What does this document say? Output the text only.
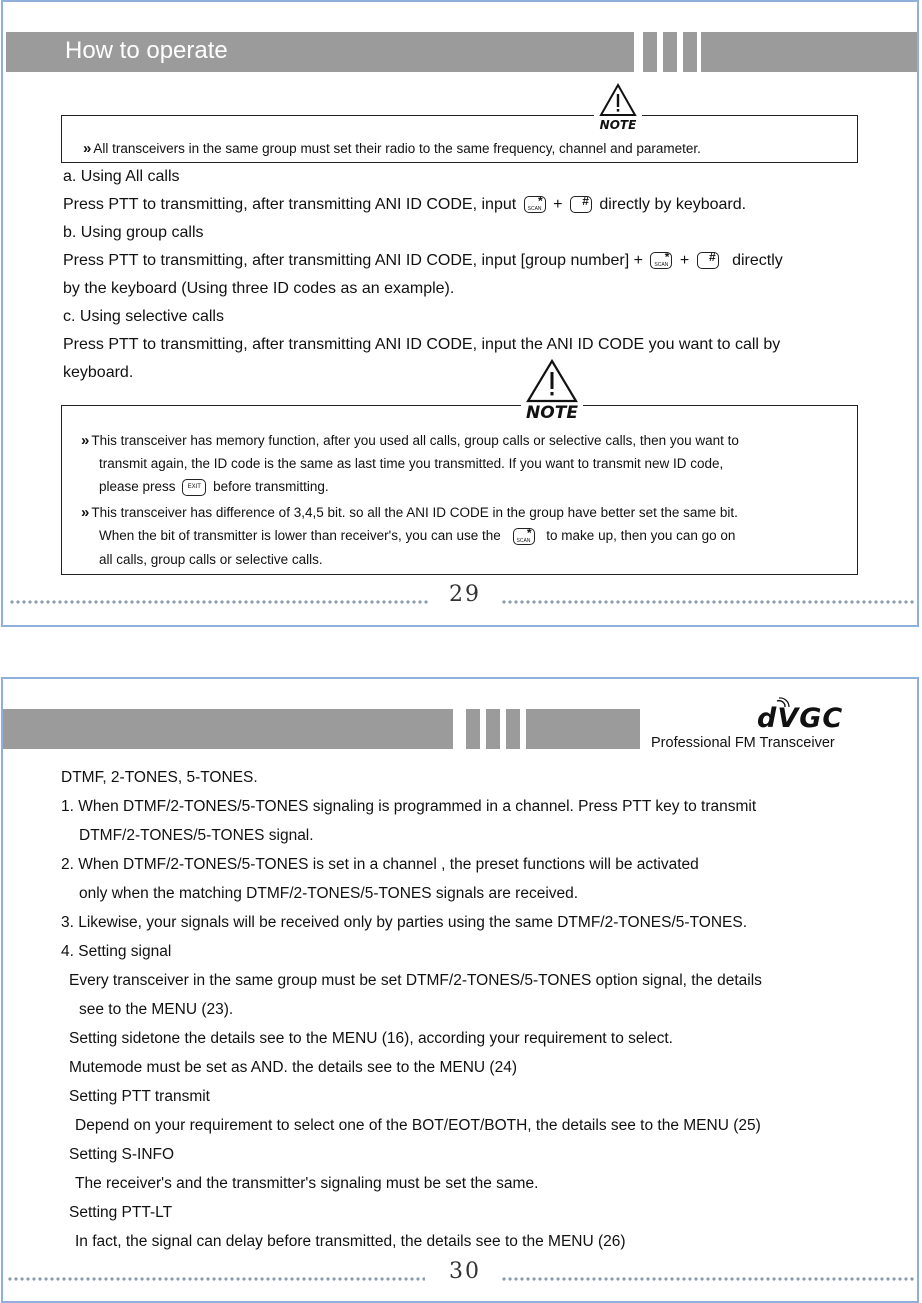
How to operate
NOTE
» All transceivers in the same group must set their radio to the same frequency, channel and parameter.
a. Using All calls
Press PTT to transmitting, after transmitting ANI ID CODE, input *
SCAN + # directly by keyboard.
b. Using group calls
Press PTT to transmitting, after transmitting ANI ID CODE, input [group number] + *
SCAN + # directly
by the keyboard (Using three ID codes as an example).
c. Using selective calls
Press PTT to transmitting, after transmitting ANI ID CODE, input the ANI ID CODE you want to call by
keyboard.
NOTE
» This transceiver has memory function, after you used all calls, group calls or selective calls, then you want to
transmit again, the ID code is the same as last time you transmitted. If you want to transmit new ID code,
please press EXIT before transmitting.
» This transceiver has difference of 3,4,5 bit. so all the ANI ID CODE in the group have better set the same bit.
When the bit of transmitter is lower than receiver's, you can use the *
SCAN to make up, then you can go on
all calls, group calls or selective calls.
29
dVGC
Professional FM Transceiver
DTMF, 2-TONES, 5-TONES.
1. When DTMF/2-TONES/5-TONES signaling is programmed in a channel. Press PTT key to transmit
DTMF/2-TONES/5-TONES signal.
2. When DTMF/2-TONES/5-TONES is set in a channel , the preset functions will be activated
only when the matching DTMF/2-TONES/5-TONES signals are received.
3. Likewise, your signals will be received only by parties using the same DTMF/2-TONES/5-TONES.
4. Setting signal
Every transceiver in the same group must be set DTMF/2-TONES/5-TONES option signal, the details
see to the MENU (23).
Setting sidetone the details see to the MENU (16), according your requirement to select.
Mutemode must be set as AND. the details see to the MENU (24)
Setting PTT transmit
Depend on your requirement to select one of the BOT/EOT/BOTH, the details see to the MENU (25)
Setting S-INFO
The receiver's and the transmitter's signaling must be set the same.
Setting PTT-LT
In fact, the signal can delay before transmitted, the details see to the MENU (26)
30
